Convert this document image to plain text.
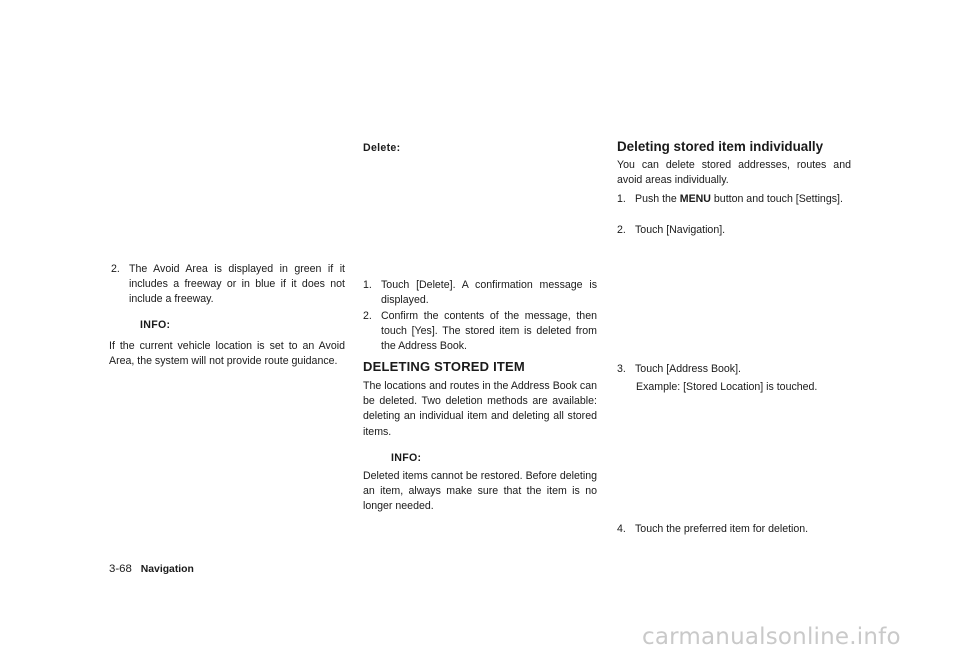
2. The Avoid Area is displayed in green if it includes a freeway or in blue if it does not include a freeway.
INFO:

If the current vehicle location is set to an Avoid Area, the system will not provide route guidance.

Delete:
1. Touch [Delete]. A confirmation message is displayed.
2. Confirm the contents of the message, then touch [Yes]. The stored item is deleted from the Address Book.
DELETING STORED ITEM

The locations and routes in the Address Book can be deleted. Two deletion methods are available: deleting an individual item and deleting all stored items.

INFO:

Deleted items cannot be restored. Before deleting an item, always make sure that the item is no longer needed.

Deleting stored item individually

You can delete stored addresses, routes and avoid areas individually.

1. Push the MENU button and touch [Settings].
2. Touch [Navigation].
3. Touch [Address Book].
Example: [Stored Location] is touched.
4. Touch the preferred item for deletion.
3-68 Navigation
carmanualsonline.info
